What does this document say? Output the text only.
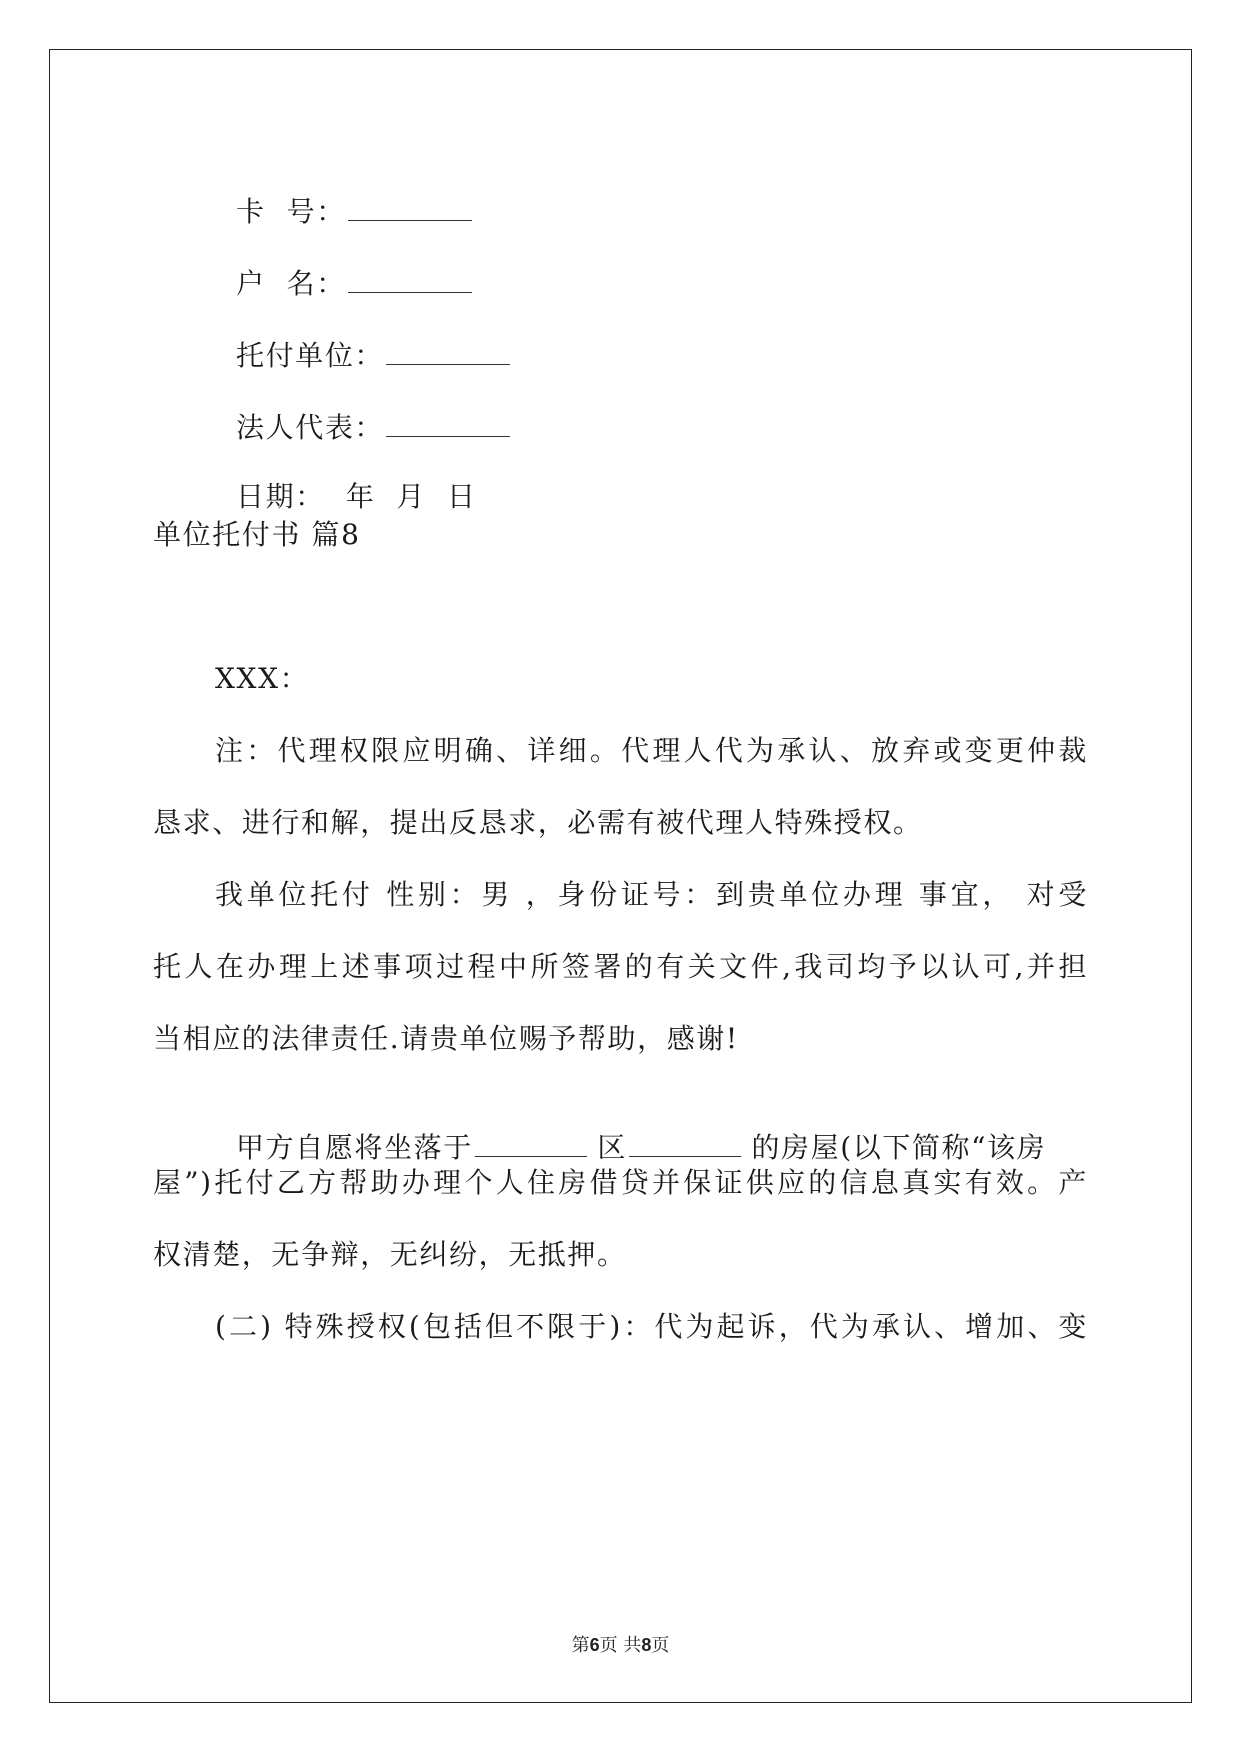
卡  号：

户  名：

托付单位：

法人代表：

日期：  年  月  日

单位托付书 篇8
XXX：
注：代理权限应明确、详细。代理人代为承认、放弃或变更仲裁
恳求、进行和解，提出反恳求，必需有被代理人特殊授权。
我单位托付 性别：男 ，身份证号：到贵单位办理 事宜， 对受
托人在办理上述事项过程中所签署的有关文件,我司均予以认可,并担
当相应的法律责任.请贵单位赐予帮助，感谢!

甲方自愿将坐落于	区	的房屋(以下简称“该房

屋”)托付乙方帮助办理个人住房借贷并保证供应的信息真实有效。产
权清楚，无争辩，无纠纷，无抵押。
(二) 特殊授权(包括但不限于)：代为起诉，代为承认、增加、变
第6页 共8页
